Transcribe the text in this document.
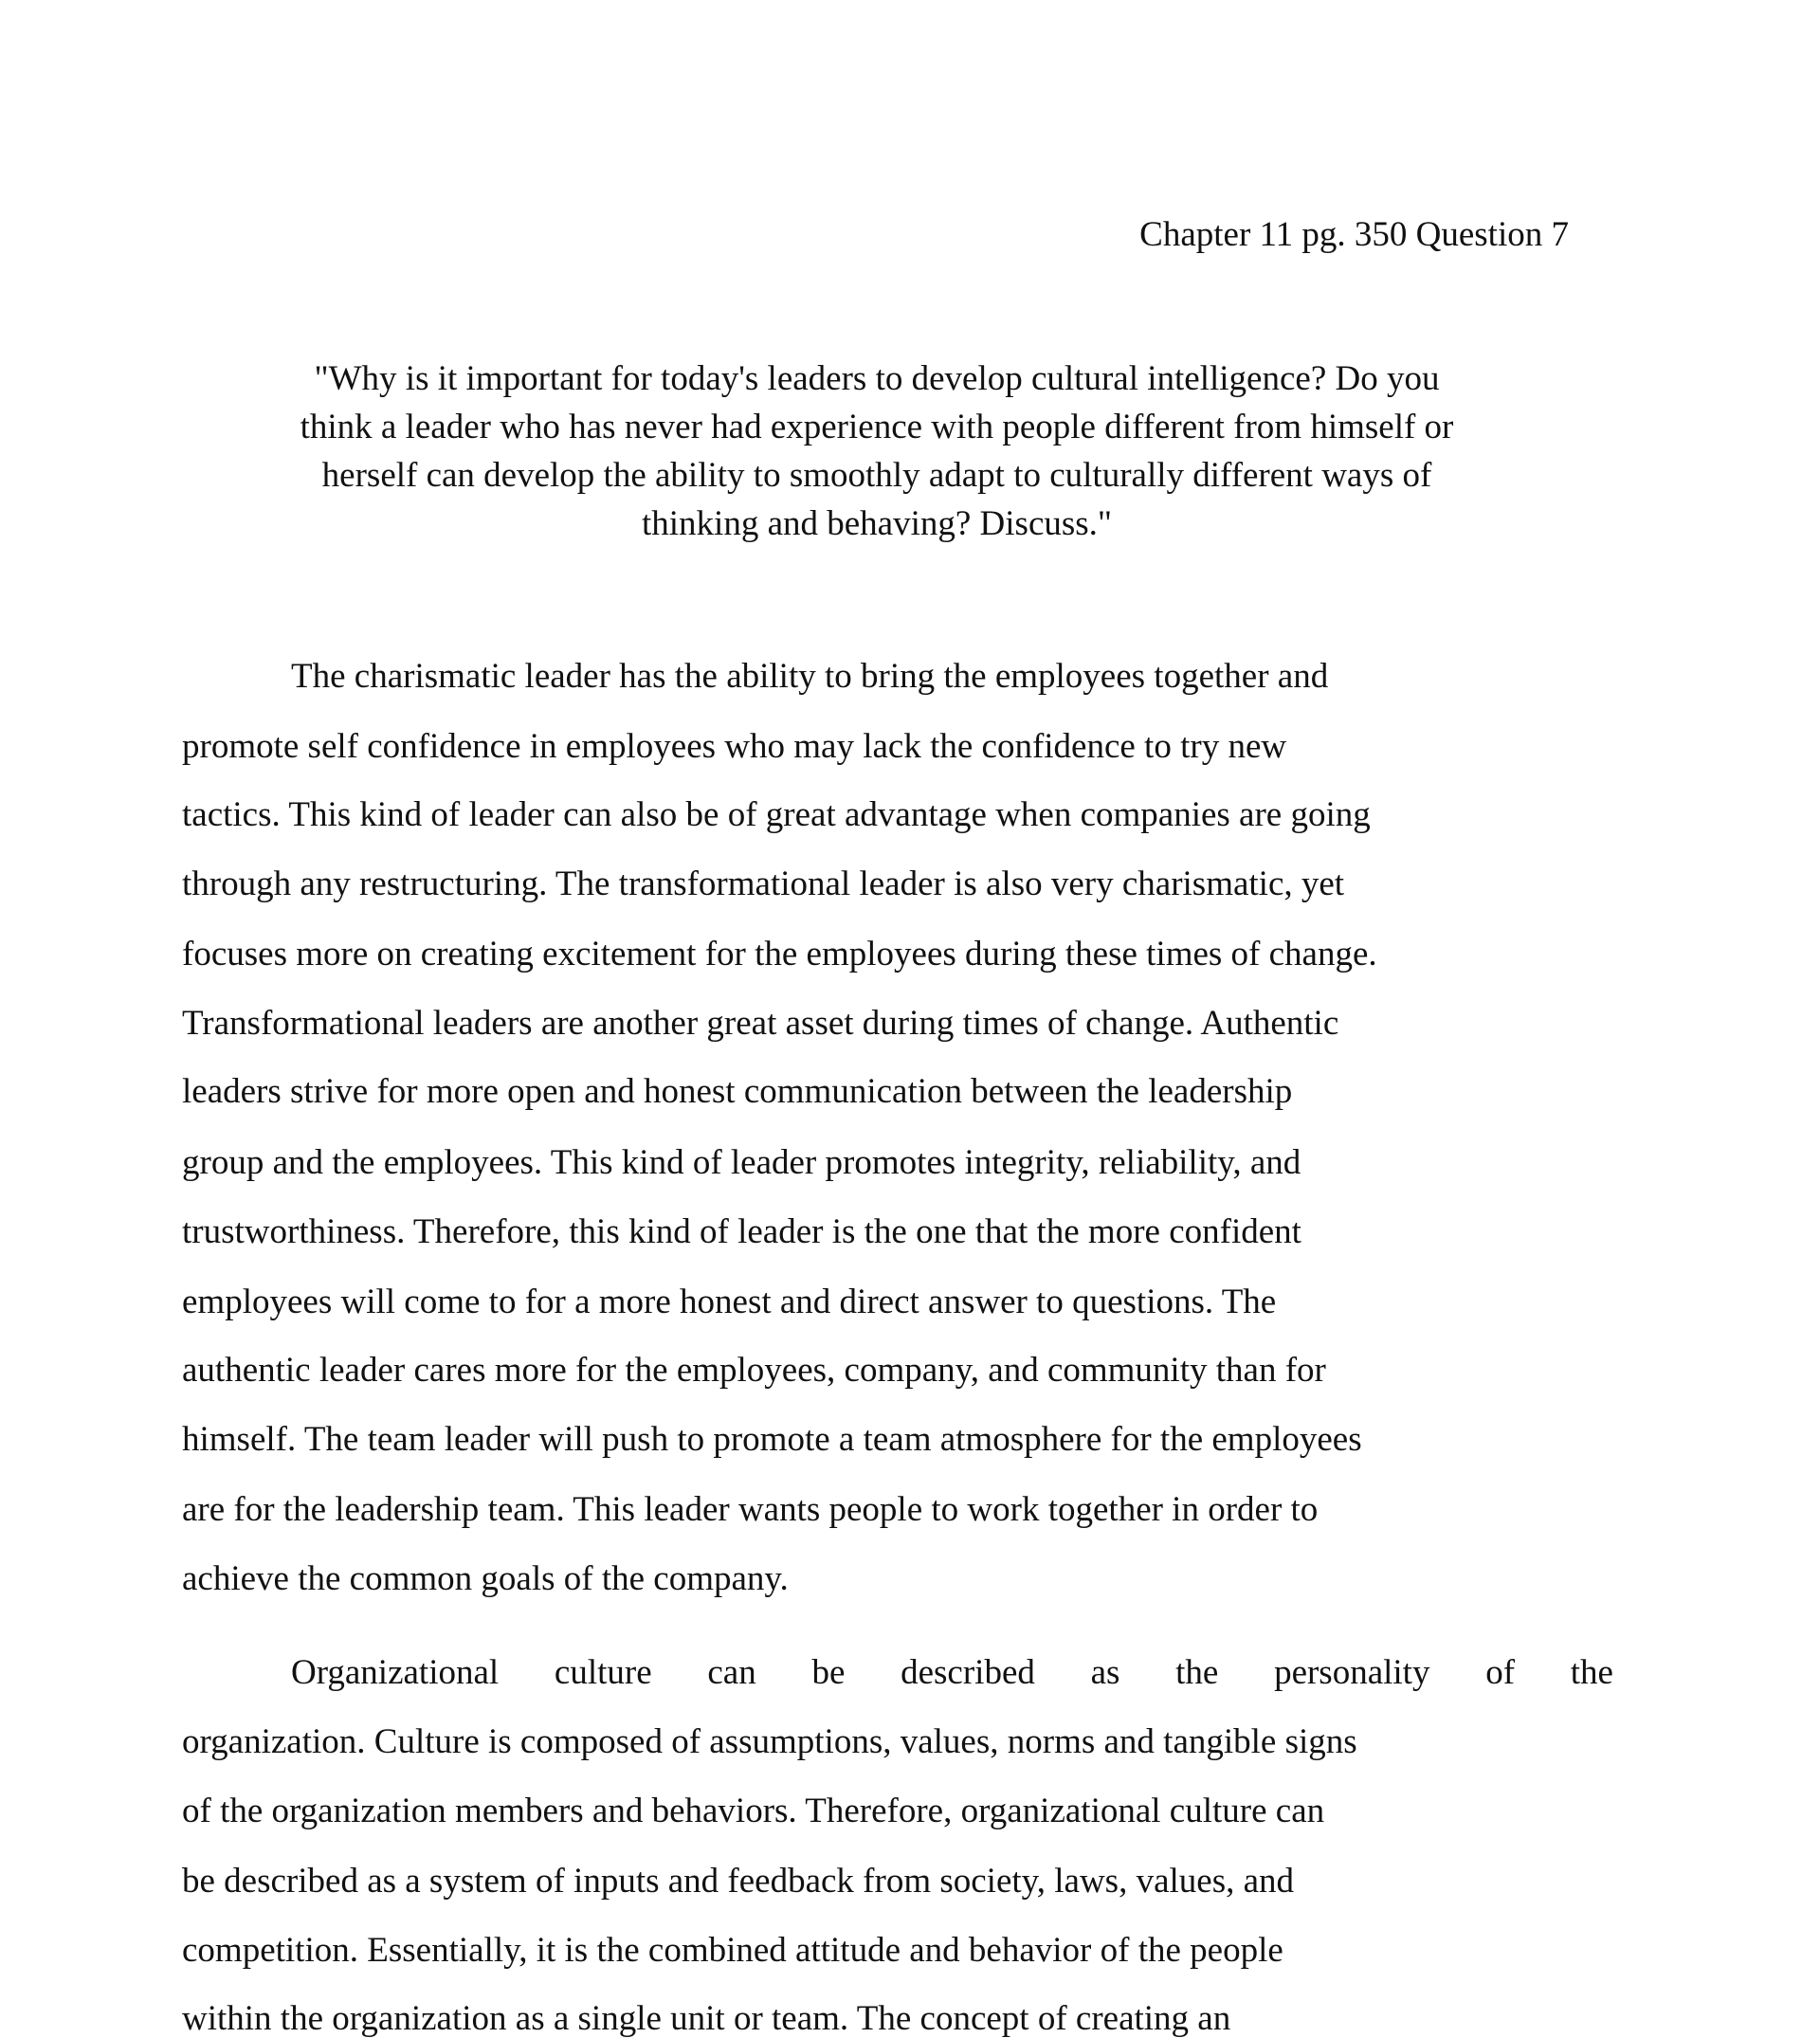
Chapter 11 pg. 350 Question 7
"Why is it important for today's leaders to develop cultural intelligence? Do you
think a leader who has never had experience with people different from himself or
herself can develop the ability to smoothly adapt to culturally different ways of
thinking and behaving? Discuss."
The charismatic leader has the ability to bring the employees together and
promote self confidence in employees who may lack the confidence to try new
tactics. This kind of leader can also be of great advantage when companies are going
through any restructuring. The transformational leader is also very charismatic, yet
focuses more on creating excitement for the employees during these times of change.
Transformational leaders are another great asset during times of change. Authentic
leaders strive for more open and honest communication between the leadership
group and the employees. This kind of leader promotes integrity, reliability, and
trustworthiness. Therefore, this kind of leader is the one that the more confident
employees will come to for a more honest and direct answer to questions. The
authentic leader cares more for the employees, company, and community than for
himself. The team leader will push to promote a team atmosphere for the employees
are for the leadership team. This leader wants people to work together in order to
achieve the common goals of the company.
Organizational culture can be described as the personality of the
organization. Culture is composed of assumptions, values, norms and tangible signs
of the organization members and behaviors. Therefore, organizational culture can
be described as a system of inputs and feedback from society, laws, values, and
competition. Essentially, it is the combined attitude and behavior of the people
within the organization as a single unit or team. The concept of creating an
